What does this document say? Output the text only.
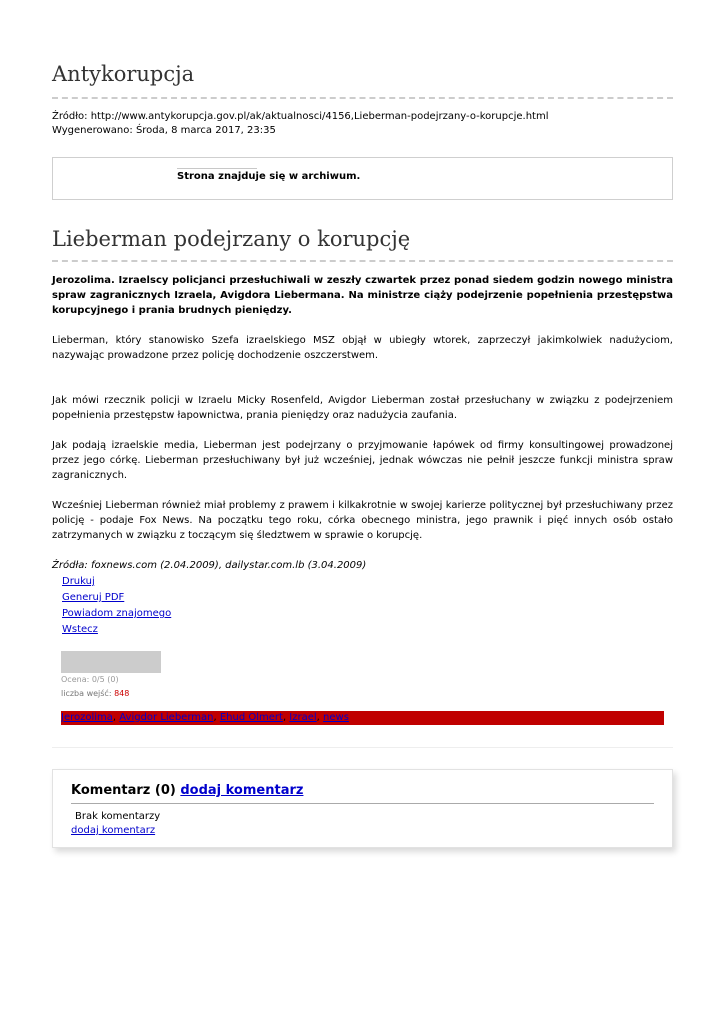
Antykorupcja
Źródło: http://www.antykorupcja.gov.pl/ak/aktualnosci/4156,Lieberman-podejrzany-o-korupcje.html
Wygenerowano: Środa, 8 marca 2017, 23:35
Strona znajduje się w archiwum.
Lieberman podejrzany o korupcję

Jerozolima. Izraelscy policjanci przesłuchiwali w zeszły czwartek przez ponad siedem godzin nowego ministra spraw zagranicznych Izraela, Avigdora Liebermana. Na ministrze ciąży podejrzenie popełnienia przestępstwa korupcyjnego i prania brudnych pieniędzy.

Lieberman, który stanowisko Szefa izraelskiego MSZ objął w ubiegły wtorek, zaprzeczył jakimkolwiek nadużyciom, nazywając prowadzone przez policję dochodzenie oszczerstwem.

Jak mówi rzecznik policji w Izraelu Micky Rosenfeld, Avigdor Lieberman został przesłuchany w związku z podejrzeniem popełnienia przestępstw łapownictwa, prania pieniędzy oraz nadużycia zaufania.

Jak podają izraelskie media, Lieberman jest podejrzany o przyjmowanie łapówek od firmy konsultingowej prowadzonej przez jego córkę. Lieberman przesłuchiwany był już wcześniej, jednak wówczas nie pełnił jeszcze funkcji ministra spraw zagranicznych.

Wcześniej Lieberman również miał problemy z prawem i kilkakrotnie w swojej karierze politycznej był przesłuchiwany przez policję - podaje Fox News. Na początku tego roku, córka obecnego ministra, jego prawnik i pięć innych osób ostało zatrzymanych w związku z toczącym się śledztwem w sprawie o korupcję.

Źródła: foxnews.com (2.04.2009), dailystar.com.lb (3.04.2009)

Drukuj
Generuj PDF
Powiadom znajomego
Wstecz
Ocena: 0/5 (0)
liczba wejść: 848
Jerozolima, Avigdor Lieberman, Ehud Olmert, Izrael, news
Komentarz (0) dodaj komentarz
Brak komentarzy
dodaj komentarz
